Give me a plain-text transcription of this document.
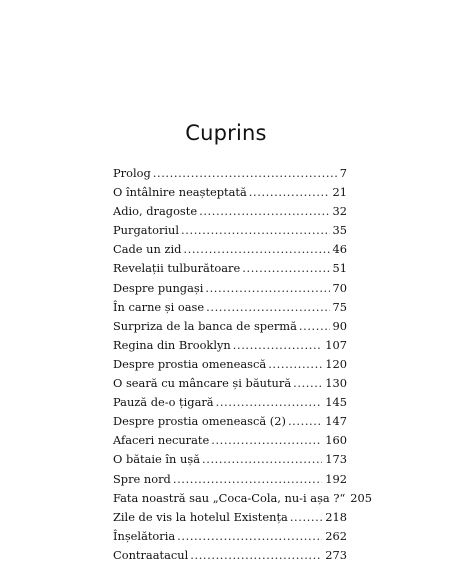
Cuprins
Prolog .....	7
O întâlnire neașteptată .....	21
Adio, dragoste .....	32
Purgatoriul .....	35
Cade un zid .....	46
Revelații tulburătoare .....	51
Despre pungași .....	70
În carne și oase .....	75
Surpriza de la banca de spermă .....	90
Regina din Brooklyn .....	107
Despre prostia omenească .....	120
O seară cu mâncare și băutură .....	130
Pauză de-o țigară .....	145
Despre prostia omenească (2) .....	147
Afaceri necurate .....	160
O bătaie în ușă .....	173
Spre nord .....	192
Fata noastră sau „Coca-Cola, nu-i așa ?“ 205
Zile de vis la hotelul Existența .....	218
Înșelătoria .....	262
Contraatacul .....	273
